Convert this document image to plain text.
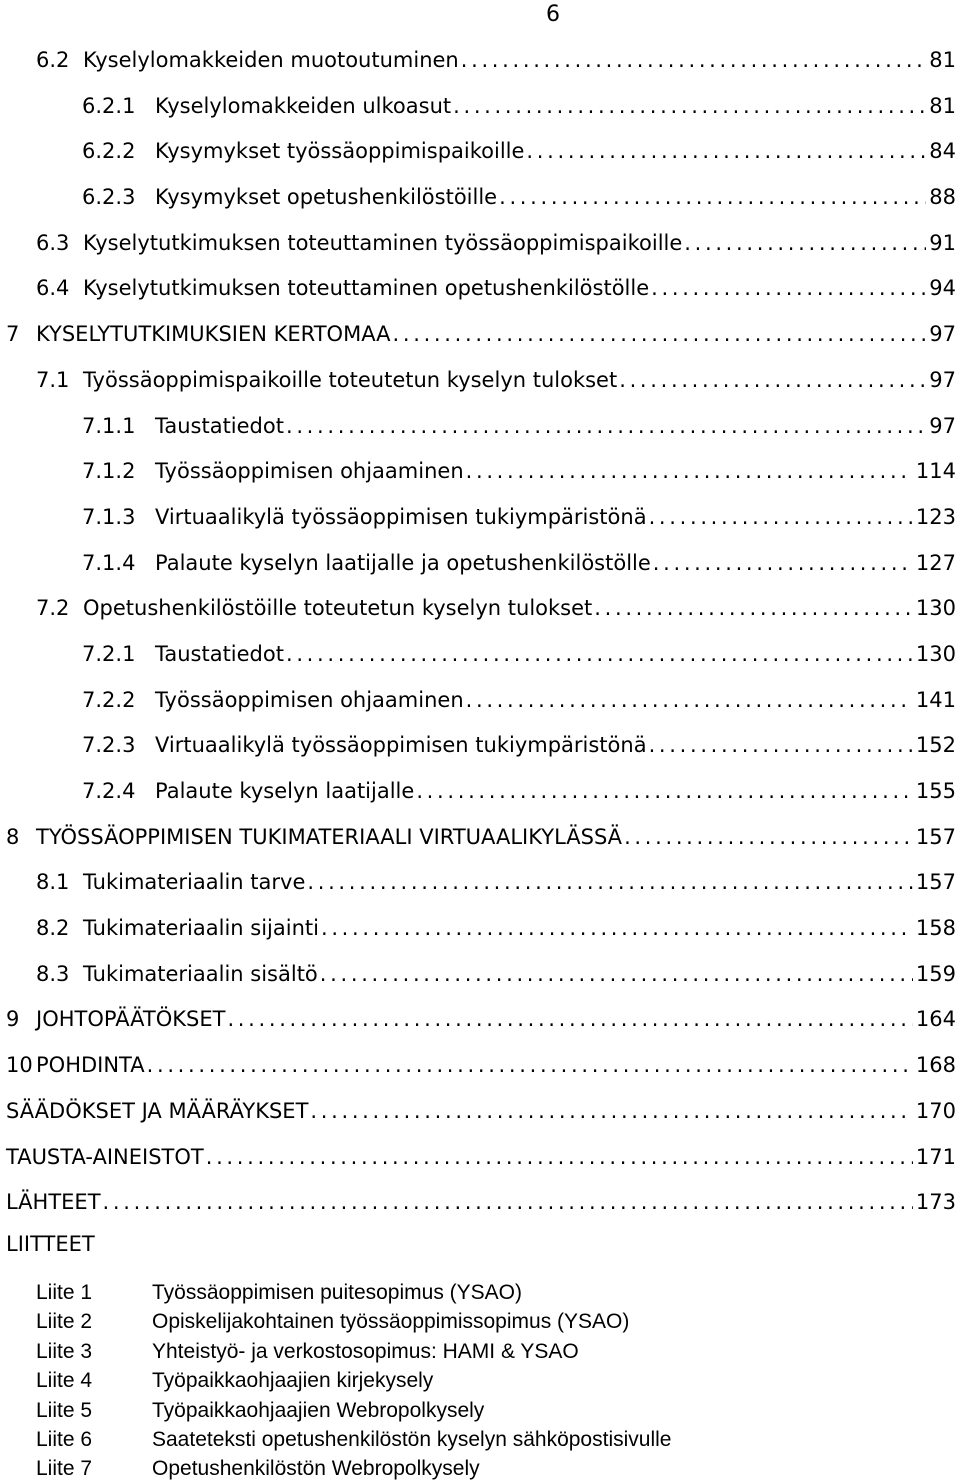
6
6.2 Kyselylomakkeiden muotoutuminen . . .	81
6.2.1 Kyselylomakkeiden ulkoasut . . .	81
6.2.2 Kysymykset työssäoppimispaikoille . . .	84
6.2.3 Kysymykset opetushenkilöstöille . . .	88
6.3 Kyselytutkimuksen toteuttaminen työssäoppimispaikoille . . .	91
6.4 Kyselytutkimuksen toteuttaminen opetushenkilöstölle . . .	94
7 KYSELYTUTKIMUKSIEN KERTOMAA . . .	97
7.1 Työssäoppimispaikoille toteutetun kyselyn tulokset . . .	97
7.1.1 Taustatiedot . . .	97
7.1.2 Työssäoppimisen ohjaaminen . . .	114
7.1.3 Virtuaalikylä työssäoppimisen tukiympäristönä . . .	123
7.1.4 Palaute kyselyn laatijalle ja opetushenkilöstölle . . .	127
7.2 Opetushenkilöstöille toteutetun kyselyn tulokset . . .	130
7.2.1 Taustatiedot . . .	130
7.2.2 Työssäoppimisen ohjaaminen . . .	141
7.2.3 Virtuaalikylä työssäoppimisen tukiympäristönä . . .	152
7.2.4 Palaute kyselyn laatijalle . . .	155
8 TYÖSSÄOPPIMISEN TUKIMATERIAALI VIRTUAALIKYLÄSSÄ . . .	157
8.1 Tukimateriaalin tarve . . .	157
8.2 Tukimateriaalin sijainti . . .	158
8.3 Tukimateriaalin sisältö . . .	159
9 JOHTOPÄÄTÖKSET . . .	164
10 POHDINTA . . .	168
SÄÄDÖKSET JA MÄÄRÄYKSET . . .	170
TAUSTA-AINEISTOT . . .	171
LÄHTEET . . .	173
LIITTEET
Liite 1	Työssäoppimisen puitesopimus (YSAO)
Liite 2	Opiskelijakohtainen työssäoppimissopimus (YSAO)
Liite 3	Yhteistyö- ja verkostosopimus: HAMI & YSAO
Liite 4	Työpaikkaohjaajien kirjekysely
Liite 5	Työpaikkaohjaajien Webropolkysely
Liite 6	Saateteksti opetushenkilöstön kyselyn sähköpostisivulle
Liite 7	Opetushenkilöstön Webropolkysely
